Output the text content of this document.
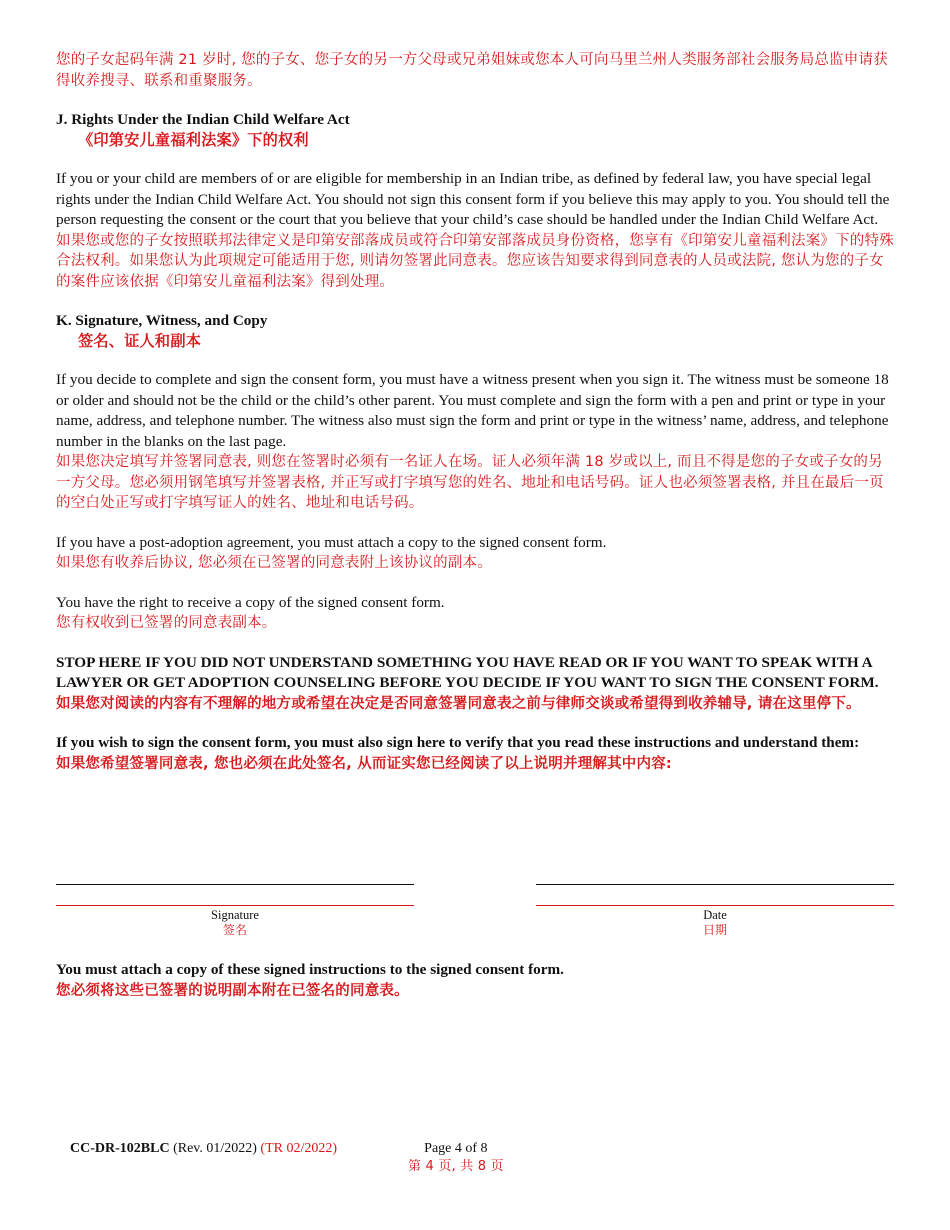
您的子女起码年满 21 岁时, 您的子女、您子女的另一方父母或兄弟姐妹或您本人可向马里兰州人类服务部社会服务局总监申请获得收养搜寻、联系和重聚服务。

J. Rights Under the Indian Child Welfare Act

《印第安儿童福利法案》下的权利

If you or your child are members of or are eligible for membership in an Indian tribe, as defined by federal law, you have special legal rights under the Indian Child Welfare Act. You should not sign this consent form if you believe this may apply to you. You should tell the person requesting the consent or the court that you believe that your child’s case should be handled under the Indian Child Welfare Act.

如果您或您的子女按照联邦法律定义是印第安部落成员或符合印第安部落成员身份资格，您享有《印第安儿童福利法案》下的特殊合法权利。如果您认为此项规定可能适用于您, 则请勿签署此同意表。您应该告知要求得到同意表的人员或法院, 您认为您的子女的案件应该依据《印第安儿童福利法案》得到处理。

K. Signature, Witness, and Copy

签名、证人和副本

If you decide to complete and sign the consent form, you must have a witness present when you sign it. The witness must be someone 18 or older and should not be the child or the child’s other parent. You must complete and sign the form with a pen and print or type in your name, address, and telephone number. The witness also must sign the form and print or type in the witness’ name, address, and telephone number in the blanks on the last page.

如果您决定填写并签署同意表, 则您在签署时必须有一名证人在场。证人必须年满 18 岁或以上, 而且不得是您的子女或子女的另一方父母。您必须用钢笔填写并签署表格, 并正写或打字填写您的姓名、地址和电话号码。证人也必须签署表格, 并且在最后一页的空白处正写或打字填写证人的姓名、地址和电话号码。

If you have a post-adoption agreement, you must attach a copy to the signed consent form.

如果您有收养后协议, 您必须在已签署的同意表附上该协议的副本。

You have the right to receive a copy of the signed consent form.

您有权收到已签署的同意表副本。

STOP HERE IF YOU DID NOT UNDERSTAND SOMETHING YOU HAVE READ OR IF YOU WANT TO SPEAK WITH A LAWYER OR GET ADOPTION COUNSELING BEFORE YOU DECIDE IF YOU WANT TO SIGN THE CONSENT FORM.

如果您对阅读的内容有不理解的地方或希望在决定是否同意签署同意表之前与律师交谈或希望得到收养辅导, 请在这里停下。

If you wish to sign the consent form, you must also sign here to verify that you read these instructions and understand them:

如果您希望签署同意表, 您也必须在此处签名, 从而证实您已经阅读了以上说明并理解其中内容:

Signature
签名
Date
日期

You must attach a copy of these signed instructions to the signed consent form.

您必须将这些已签署的说明副本附在已签名的同意表。

CC-DR-102BLC (Rev. 01/2022) (TR 02/2022)	Page 4 of 8
第 4 页, 共 8 页
